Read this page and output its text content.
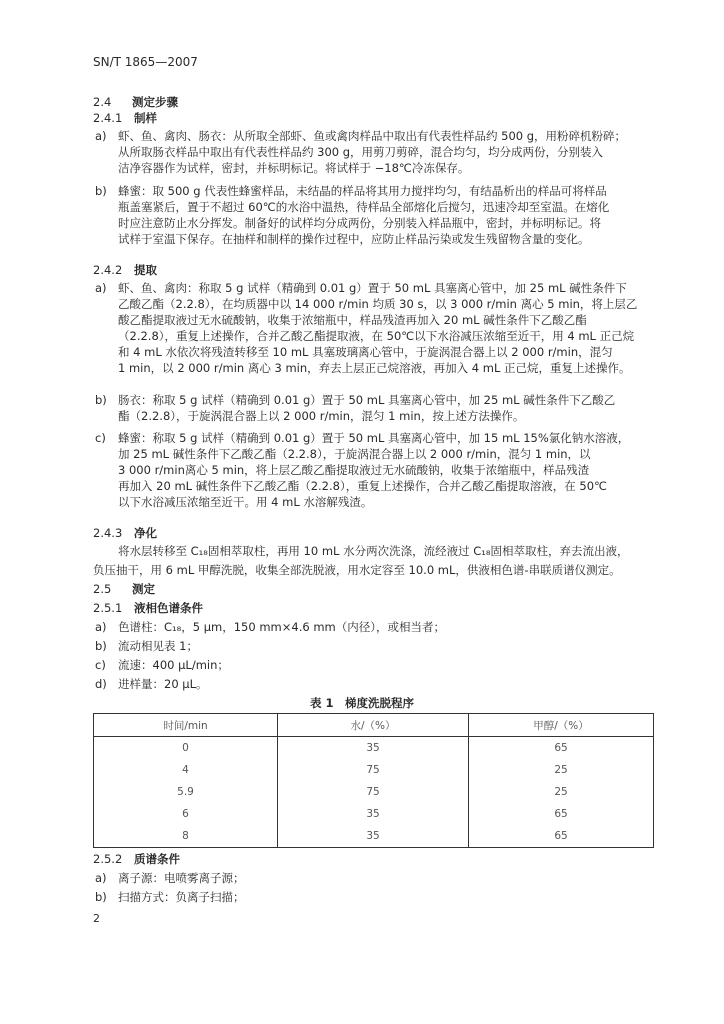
SN/T 1865—2007
2.4 测定步骤
2.4.1 制样
a) 虾、鱼、禽肉、肠衣：从所取全部虾、鱼或禽肉样品中取出有代表性样品约 500 g，用粉碎机粉碎；
从所取肠衣样品中取出有代表性样品约 300 g，用剪刀剪碎，混合均匀，均分成两份，分别装入
洁净容器作为试样，密封，并标明标记。将试样于 −18℃冷冻保存。
b) 蜂蜜：取 500 g 代表性蜂蜜样品，未结晶的样品将其用力搅拌均匀，有结晶析出的样品可将样品
瓶盖塞紧后，置于不超过 60℃的水浴中温热，待样品全部熔化后搅匀，迅速冷却至室温。在熔化
时应注意防止水分挥发。制备好的试样均分成两份，分别装入样品瓶中，密封，并标明标记。将
试样于室温下保存。在抽样和制样的操作过程中，应防止样品污染或发生残留物含量的变化。
2.4.2 提取
a) 虾、鱼、禽肉：称取 5 g 试样（精确到 0.01 g）置于 50 mL 具塞离心管中，加 25 mL 碱性条件下
乙酸乙酯（2.2.8），在均质器中以 14 000 r/min 均质 30 s，以 3 000 r/min 离心 5 min，将上层乙
酸乙酯提取液过无水硫酸钠，收集于浓缩瓶中，样品残渣再加入 20 mL 碱性条件下乙酸乙酯
（2.2.8），重复上述操作，合并乙酸乙酯提取液，在 50℃以下水浴减压浓缩至近干，用 4 mL 正己烷
和 4 mL 水依次将残渣转移至 10 mL 具塞玻璃离心管中，于旋涡混合器上以 2 000 r/min，混匀
1 min，以 2 000 r/min 离心 3 min，弃去上层正己烷溶液，再加入 4 mL 正己烷，重复上述操作。
b) 肠衣：称取 5 g 试样（精确到 0.01 g）置于 50 mL 具塞离心管中，加 25 mL 碱性条件下乙酸乙
酯（2.2.8），于旋涡混合器上以 2 000 r/min，混匀 1 min，按上述方法操作。
c) 蜂蜜：称取 5 g 试样（精确到 0.01 g）置于 50 mL 具塞离心管中，加 15 mL 15%氯化钠水溶液，
加 25 mL 碱性条件下乙酸乙酯（2.2.8），于旋涡混合器上以 2 000 r/min，混匀 1 min，以
3 000 r/min离心 5 min，将上层乙酸乙酯提取液过无水硫酸钠，收集于浓缩瓶中，样品残渣
再加入 20 mL 碱性条件下乙酸乙酯（2.2.8），重复上述操作，合并乙酸乙酯提取溶液，在 50℃
以下水浴减压浓缩至近干。用 4 mL 水溶解残渣。
2.4.3 净化
将水层转移至 C₁₈固相萃取柱，再用 10 mL 水分两次洗涤，流经液过 C₁₈固相萃取柱，弃去流出液，
负压抽干，用 6 mL 甲醇洗脱，收集全部洗脱液，用水定容至 10.0 mL，供液相色谱-串联质谱仪测定。
2.5 测定
2.5.1 液相色谱条件
a) 色谱柱：C₁₈，5 μm，150 mm×4.6 mm（内径），或相当者；
b) 流动相见表 1；
c) 流速：400 μL/min；
d) 进样量：20 μL。
表 1　梯度洗脱程序
时间/min	水/（%）	甲醇/（%）
0	35	65
4	75	25
5.9	75	25
6	35	65
8	35	65
2.5.2 质谱条件
a) 离子源：电喷雾离子源；
b) 扫描方式：负离子扫描；
2
